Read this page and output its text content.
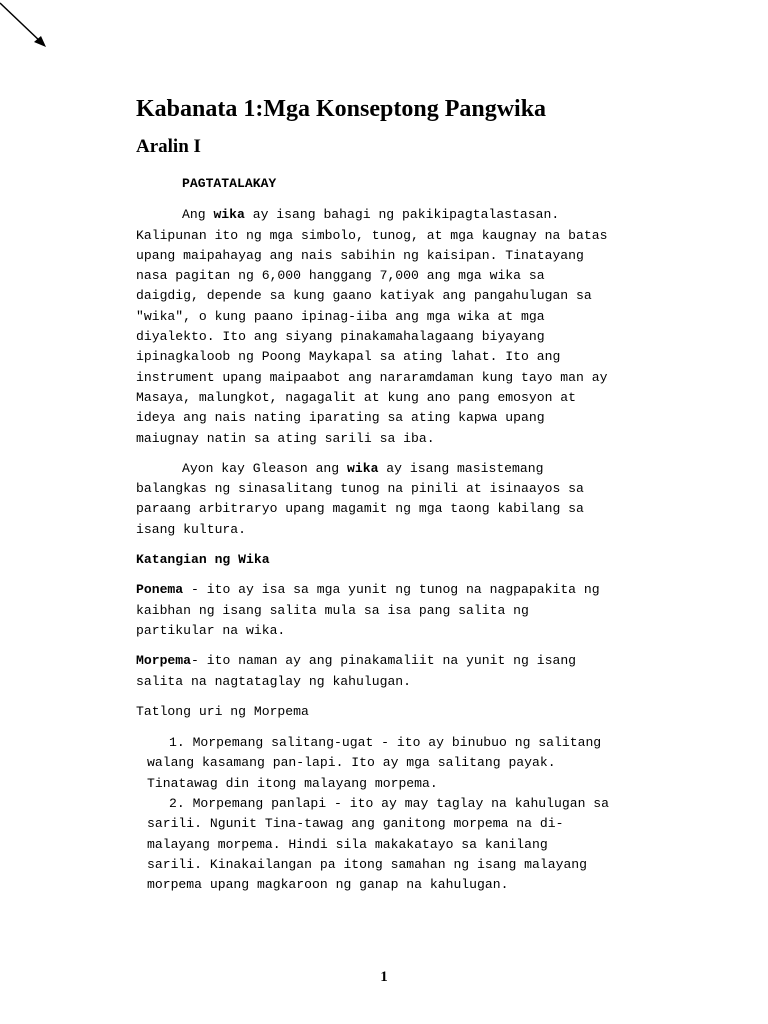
Kabanata 1:Mga Konseptong Pangwika
Aralin I
PAGTATALAKAY

Ang wika ay isang bahagi ng pakikipagtalastasan.
Kalipunan ito ng mga simbolo, tunog, at mga kaugnay na batas
upang maipahayag ang nais sabihin ng kaisipan. Tinatayang
nasa pagitan ng 6,000 hanggang 7,000 ang mga wika sa
daigdig, depende sa kung gaano katiyak ang pangahulugan sa
"wika", o kung paano ipinag-iiba ang mga wika at mga
diyalekto. Ito ang siyang pinakamahalagaang biyayang
ipinagkaloob ng Poong Maykapal sa ating lahat. Ito ang
instrument upang maipaabot ang nararamdaman kung tayo man ay
Masaya, malungkot, nagagalit at kung ano pang emosyon at
ideya ang nais nating iparating sa ating kapwa upang
maiugnay natin sa ating sarili sa iba.

Ayon kay Gleason ang wika ay isang masistemang
balangkas ng sinasalitang tunog na pinili at isinaayos sa
paraang arbitraryo upang magamit ng mga taong kabilang sa
isang kultura.

Katangian ng Wika

Ponema - ito ay isa sa mga yunit ng tunog na nagpapakita ng
kaibhan ng isang salita mula sa isa pang salita ng
partikular na wika.

Morpema- ito naman ay ang pinakamaliit na yunit ng isang
salita na nagtataglay ng kahulugan.

Tatlong uri ng Morpema
1. Morpemang salitang-ugat - ito ay binubuo ng salitang
walang kasamang pan-lapi. Ito ay mga salitang payak.
Tinatawag din itong malayang morpema.
2. Morpemang panlapi - ito ay may taglay na kahulugan sa
sarili. Ngunit Tina-tawag ang ganitong morpema na di-
malayang morpema. Hindi sila makakatayo sa kanilang
sarili. Kinakailangan pa itong samahan ng isang malayang
morpema upang magkaroon ng ganap na kahulugan.
1
